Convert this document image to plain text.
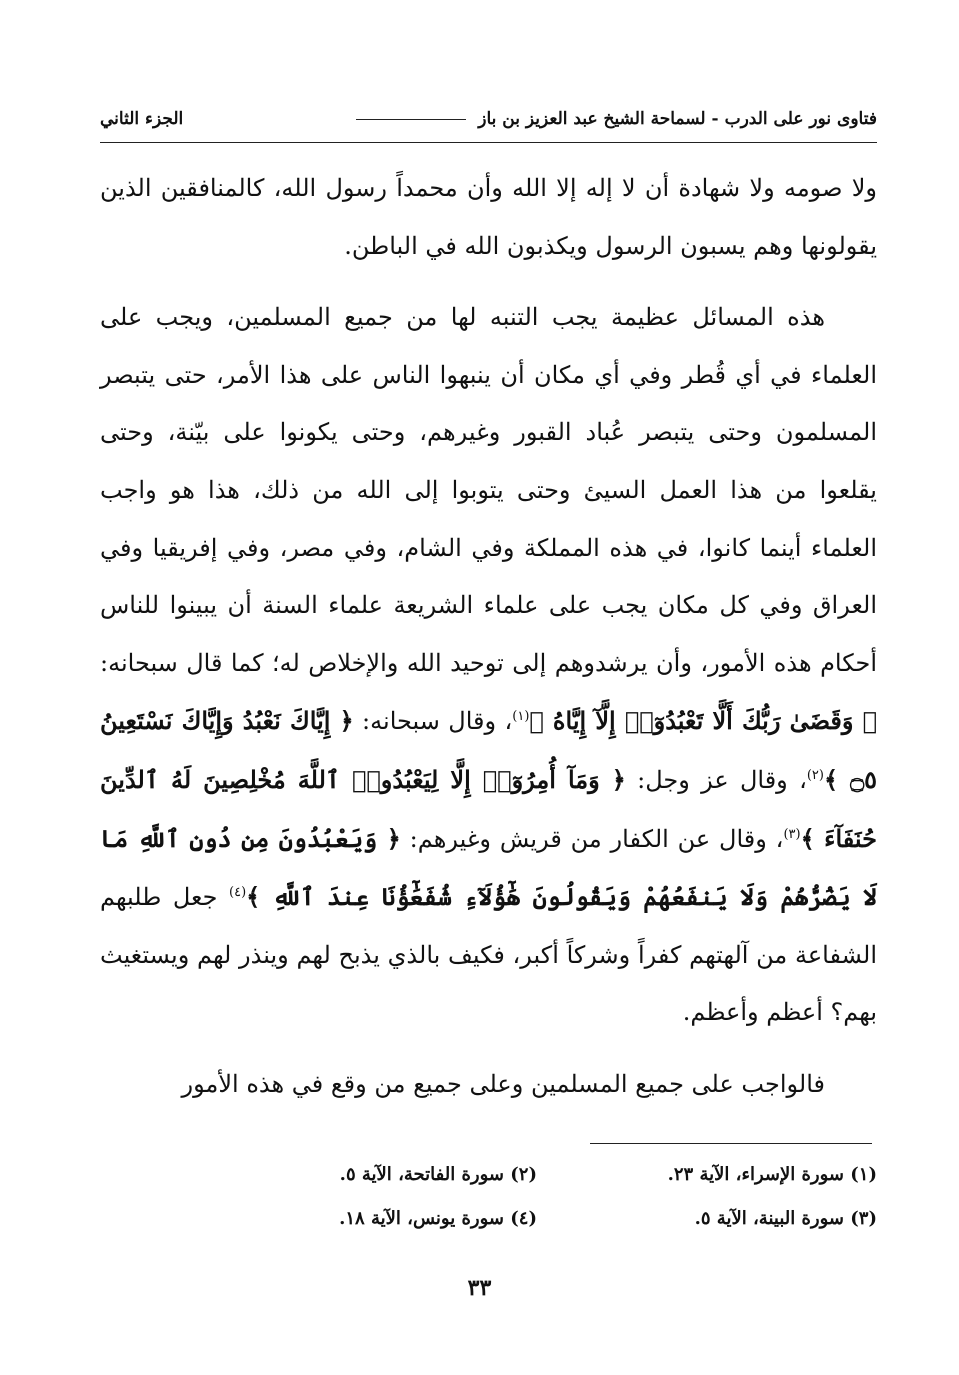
فتاوى نور على الدرب
- لسماحة الشيخ عبد العزيز بن باز
الجزء الثاني

ولا صومه ولا شهادة أن لا إله إلا الله وأن محمداً رسول الله، كالمنافقين الذين يقولونها وهم يسبون الرسول ويكذبون الله في الباطن.

هذه المسائل عظيمة يجب التنبه لها من جميع المسلمين، ويجب على العلماء في أي قُطر وفي أي مكان أن ينبهوا الناس على هذا الأمر، حتى يتبصر المسلمون وحتى يتبصر عُباد القبور وغيرهم، وحتى يكونوا على بيّنة، وحتى يقلعوا من هذا العمل السيئ وحتى يتوبوا إلى الله من ذلك، هذا هو واجب العلماء أينما كانوا، في هذه المملكة وفي الشام، وفي مصر، وفي إفريقيا وفي العراق وفي كل مكان يجب على علماء الشريعة علماء السنة أن يبينوا للناس أحكام هذه الأمور، وأن يرشدوهم إلى توحيد الله والإخلاص له؛ كما قال سبحانه: ﴿ وَقَضَىٰ رَبُّكَ أَلَّا تَعْبُدُوٓا۟ إِلَّآ إِيَّاهُ ﴾$^{(١)}$، وقال سبحانه: ﴿ إِيَّاكَ نَعْبُدُ وَإِيَّاكَ نَسْتَعِينُ ۝٥ ﴾$^{(٢)}$، وقال عز وجل: ﴿ وَمَآ أُمِرُوٓا۟ إِلَّا لِيَعْبُدُوا۟ ٱللَّهَ مُخْلِصِينَ لَهُ ٱلدِّينَ حُنَفَآءَ ﴾$^{(٣)}$، وقال عن الكفار من قريش وغيرهم: ﴿ وَيَعْبُدُونَ مِن دُونِ ٱللَّهِ مَا لَا يَضُرُّهُمْ وَلَا يَنفَعُهُمْ وَيَقُولُونَ هَٰٓؤُلَآءِ شُفَعَٰٓؤُنَا عِندَ ٱللَّهِ ﴾$^{(٤)}$ جعل طلبهم الشفاعة من آلهتهم كفراً وشركاً أكبر، فكيف بالذي يذبح لهم وينذر لهم ويستغيث بهم؟ أعظم وأعظم.

فالواجب على جميع المسلمين وعلى جميع من وقع في هذه الأمور

(١) سورة الإسراء، الآية ٢٣.
(٢) سورة الفاتحة، الآية ٥.
(٣) سورة البينة، الآية ٥.
(٤) سورة يونس، الآية ١٨.
٣٣
